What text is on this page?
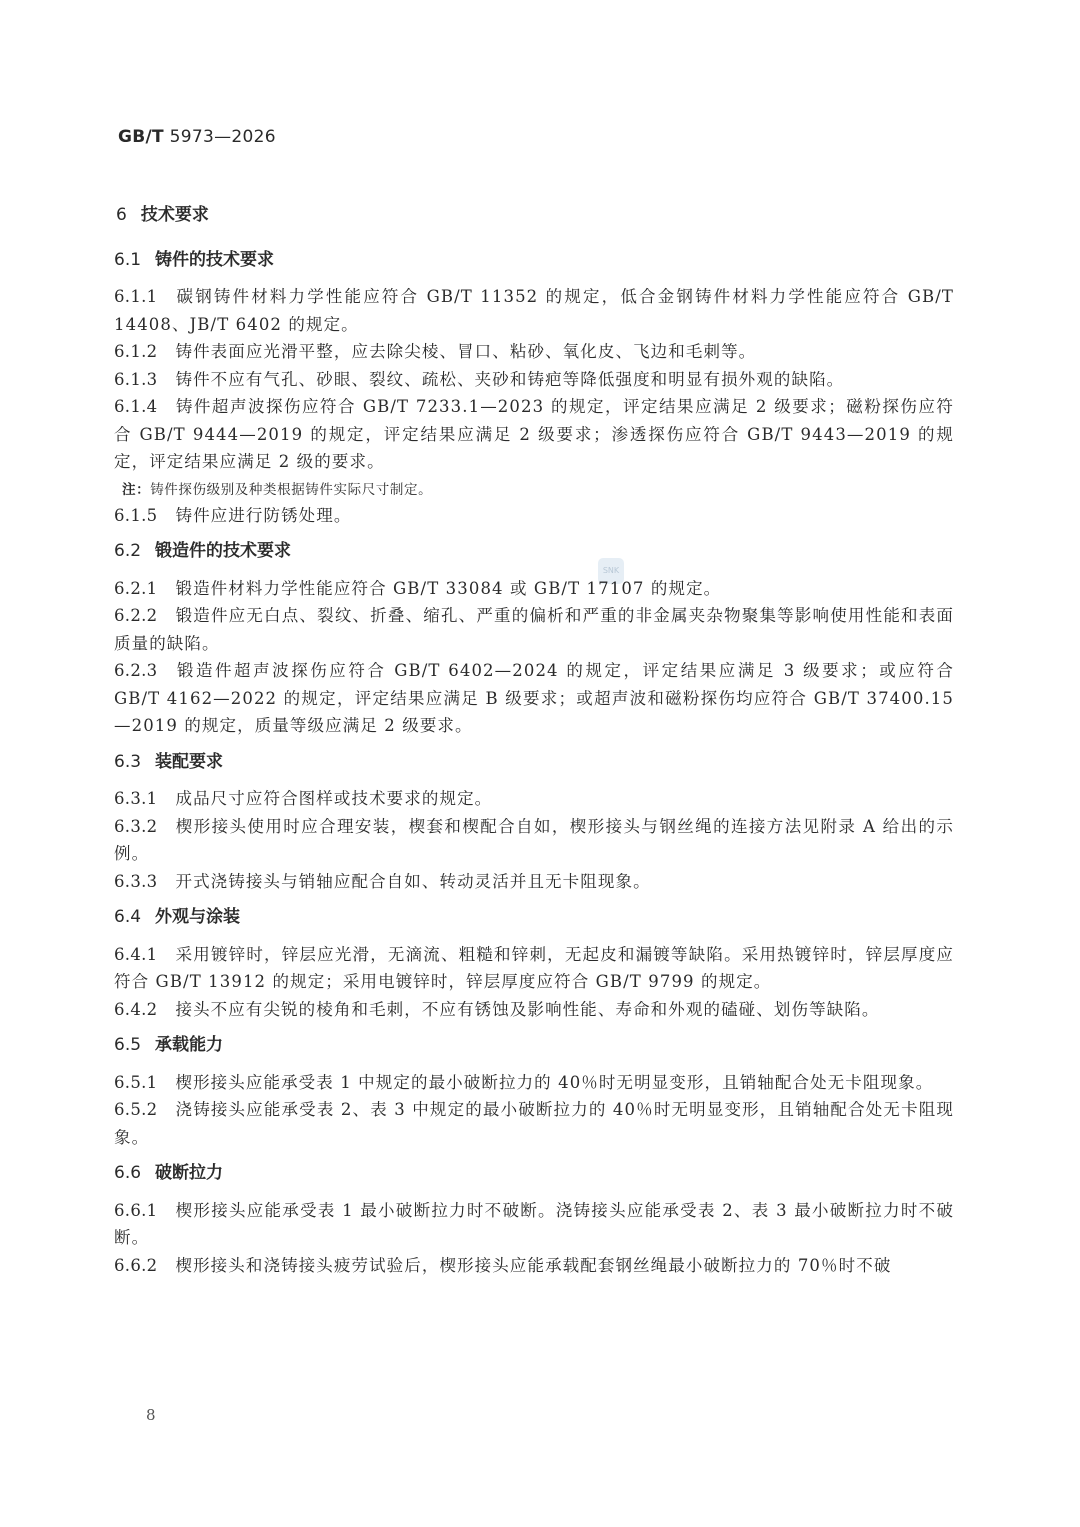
GB/T 5973—2026
SNK
6 技术要求
6.1 铸件的技术要求
6.1.1 碳钢铸件材料力学性能应符合 GB/T 11352 的规定，低合金钢铸件材料力学性能应符合 GB/T 14408、JB/T 6402 的规定。
6.1.2 铸件表面应光滑平整，应去除尖棱、冒口、粘砂、氧化皮、飞边和毛刺等。
6.1.3 铸件不应有气孔、砂眼、裂纹、疏松、夹砂和铸疤等降低强度和明显有损外观的缺陷。
6.1.4 铸件超声波探伤应符合 GB/T 7233.1—2023 的规定，评定结果应满足 2 级要求；磁粉探伤应符合 GB/T 9444—2019 的规定，评定结果应满足 2 级要求；渗透探伤应符合 GB/T 9443—2019 的规定，评定结果应满足 2 级的要求。
注：铸件探伤级别及种类根据铸件实际尺寸制定。
6.1.5 铸件应进行防锈处理。
6.2 锻造件的技术要求
6.2.1 锻造件材料力学性能应符合 GB/T 33084 或 GB/T 17107 的规定。
6.2.2 锻造件应无白点、裂纹、折叠、缩孔、严重的偏析和严重的非金属夹杂物聚集等影响使用性能和表面质量的缺陷。
6.2.3 锻造件超声波探伤应符合 GB/T 6402—2024 的规定，评定结果应满足 3 级要求；或应符合 GB/T 4162—2022 的规定，评定结果应满足 B 级要求；或超声波和磁粉探伤均应符合 GB/T 37400.15—2019 的规定，质量等级应满足 2 级要求。
6.3 装配要求
6.3.1 成品尺寸应符合图样或技术要求的规定。
6.3.2 楔形接头使用时应合理安装，楔套和楔配合自如，楔形接头与钢丝绳的连接方法见附录 A 给出的示例。
6.3.3 开式浇铸接头与销轴应配合自如、转动灵活并且无卡阻现象。
6.4 外观与涂装
6.4.1 采用镀锌时，锌层应光滑，无滴流、粗糙和锌刺，无起皮和漏镀等缺陷。采用热镀锌时，锌层厚度应符合 GB/T 13912 的规定；采用电镀锌时，锌层厚度应符合 GB/T 9799 的规定。
6.4.2 接头不应有尖锐的棱角和毛刺，不应有锈蚀及影响性能、寿命和外观的磕碰、划伤等缺陷。
6.5 承载能力
6.5.1 楔形接头应能承受表 1 中规定的最小破断拉力的 40％时无明显变形，且销轴配合处无卡阻现象。
6.5.2 浇铸接头应能承受表 2、表 3 中规定的最小破断拉力的 40％时无明显变形，且销轴配合处无卡阻现象。
6.6 破断拉力
6.6.1 楔形接头应能承受表 1 最小破断拉力时不破断。浇铸接头应能承受表 2、表 3 最小破断拉力时不破断。
6.6.2 楔形接头和浇铸接头疲劳试验后，楔形接头应能承载配套钢丝绳最小破断拉力的 70％时不破
8
